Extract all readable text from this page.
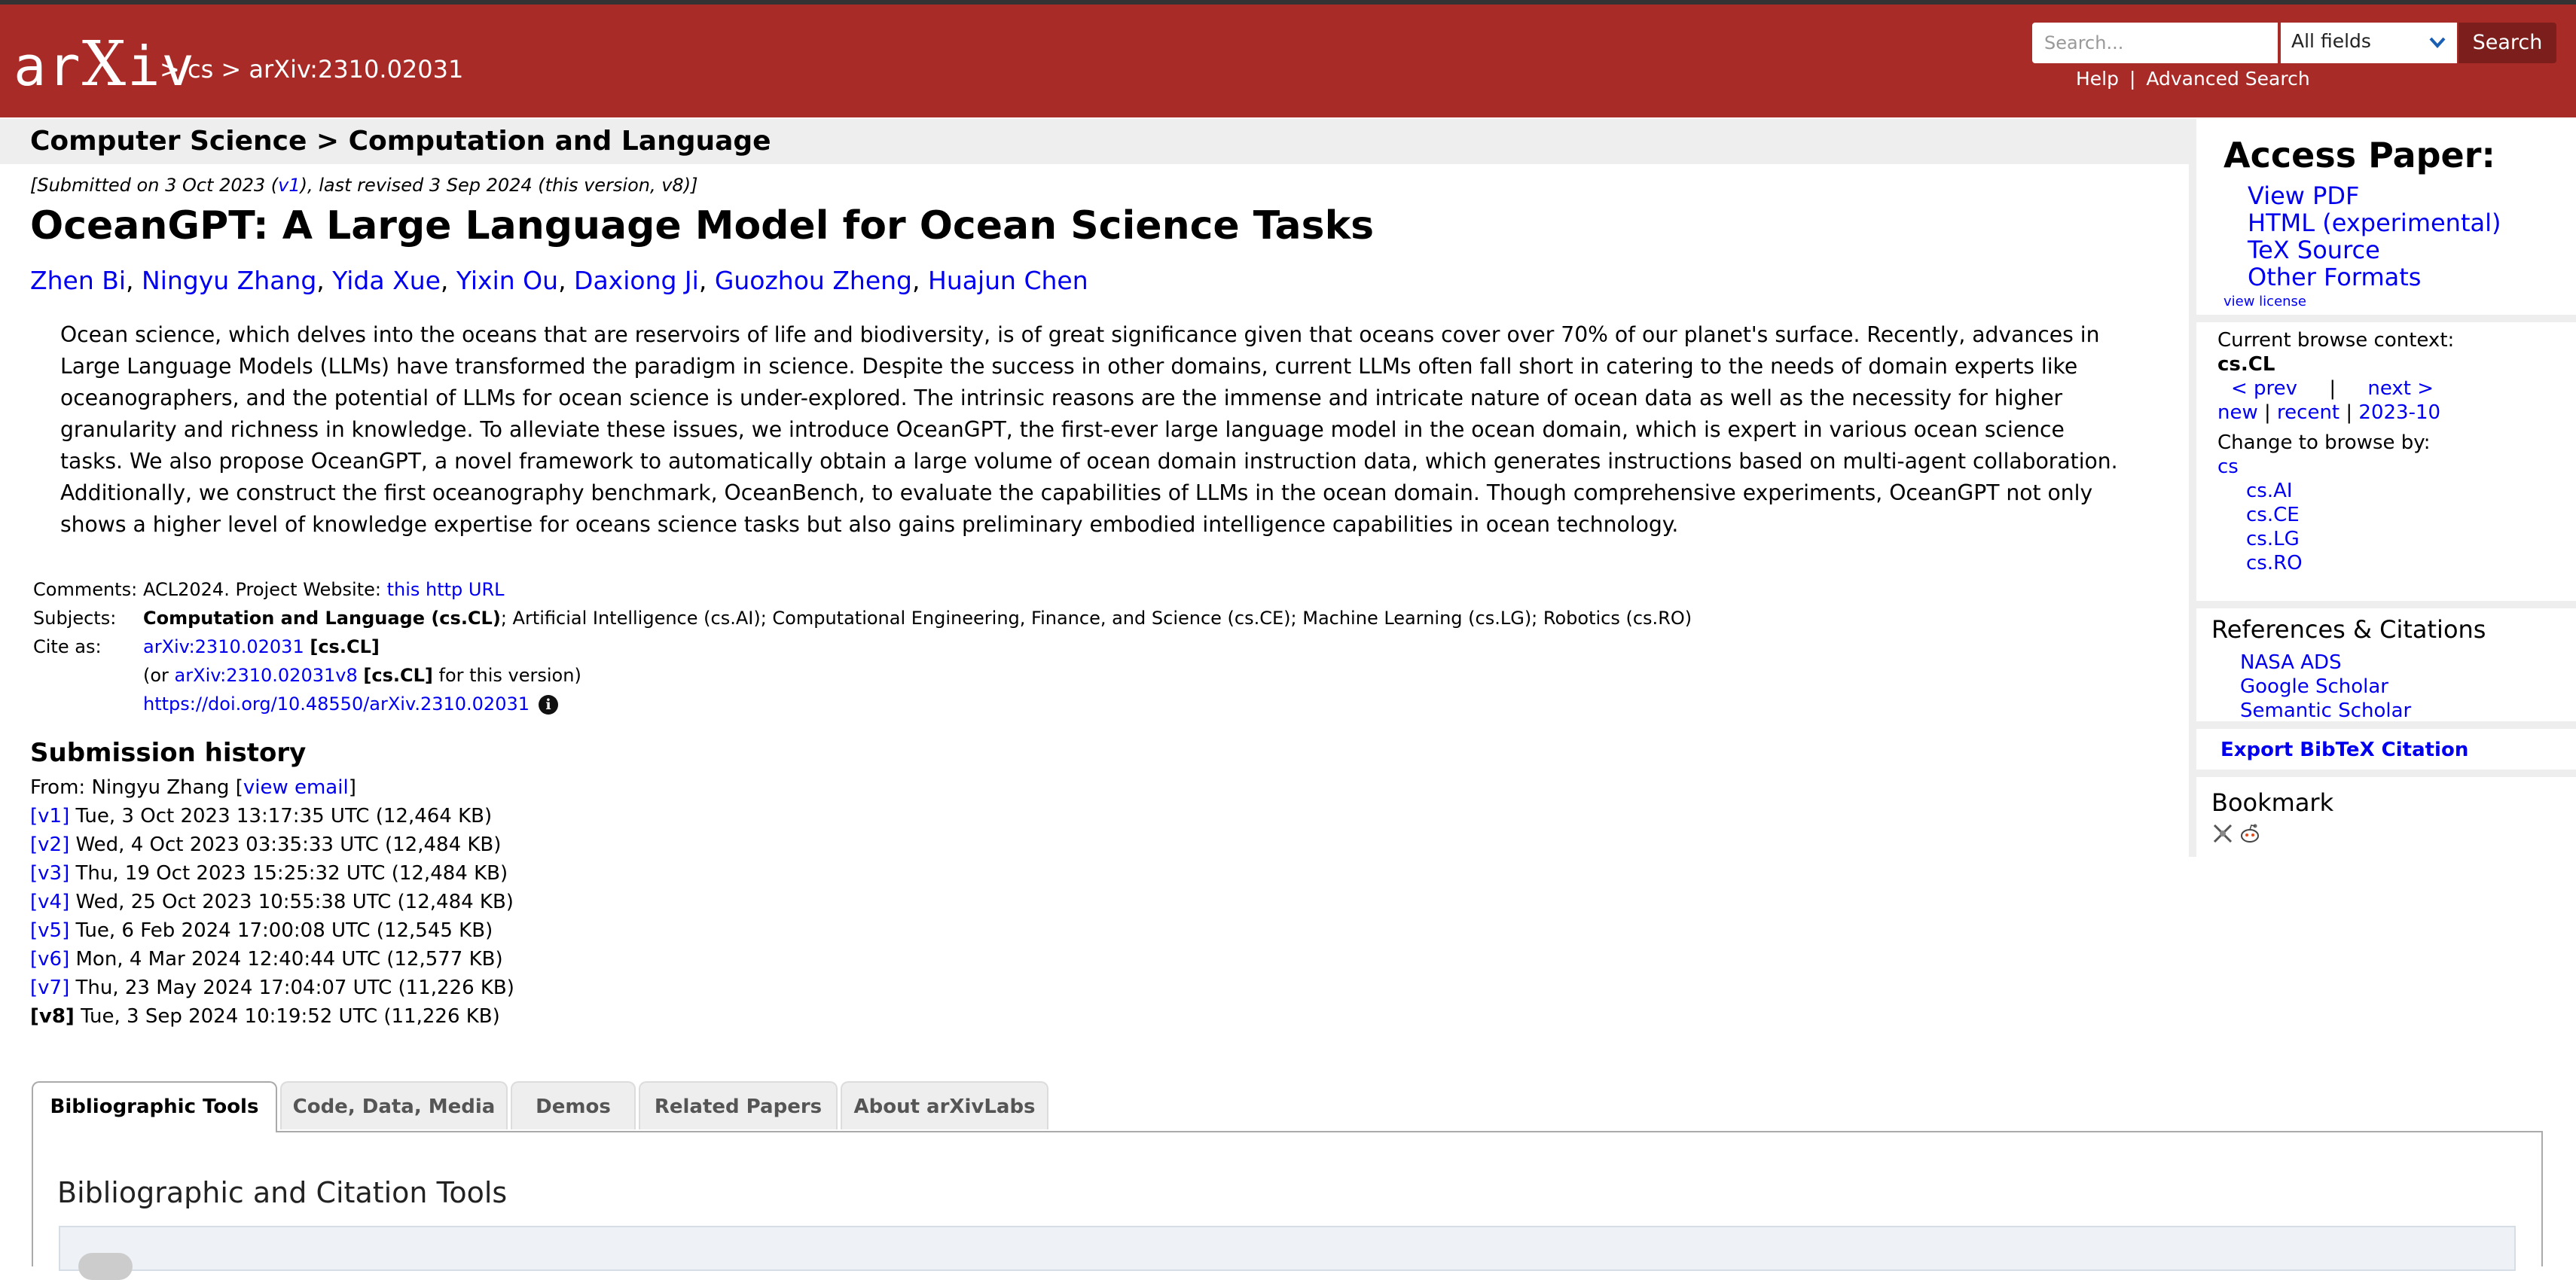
arXiv
> cs > arXiv:2310.02031
Search...
All fields	Search
Help | Advanced Search
Computer Science > Computation and Language
[Submitted on 3 Oct 2023 (v1), last revised 3 Sep 2024 (this version, v8)]
OceanGPT: A Large Language Model for Ocean Science Tasks
Zhen Bi, Ningyu Zhang, Yida Xue, Yixin Ou, Daxiong Ji, Guozhou Zheng, Huajun Chen

Ocean science, which delves into the oceans that are reservoirs of life and biodiversity, is of great significance given that oceans cover over 70% of our planet's surface. Recently, advances in Large Language Models (LLMs) have transformed the paradigm in science. Despite the success in other domains, current LLMs often fall short in catering to the needs of domain experts like oceanographers, and the potential of LLMs for ocean science is under-explored. The intrinsic reasons are the immense and intricate nature of ocean data as well as the necessity for higher granularity and richness in knowledge. To alleviate these issues, we introduce OceanGPT, the first-ever large language model in the ocean domain, which is expert in various ocean science tasks. We also propose OceanGPT, a novel framework to automatically obtain a large volume of ocean domain instruction data, which generates instructions based on multi-agent collaboration. Additionally, we construct the first oceanography benchmark, OceanBench, to evaluate the capabilities of LLMs in the ocean domain. Though comprehensive experiments, OceanGPT not only shows a higher level of knowledge expertise for oceans science tasks but also gains preliminary embodied intelligence capabilities in ocean technology.

Comments: ACL2024. Project Website: this http URL
Subjects:	Computation and Language (cs.CL); Artificial Intelligence (cs.AI); Computational Engineering, Finance, and Science (cs.CE); Machine Learning (cs.LG); Robotics (cs.RO)
Cite as:	arXiv:2310.02031 [cs.CL]
(or arXiv:2310.02031v8 [cs.CL] for this version)
https://doi.org/10.48550/arXiv.2310.02031 i
Submission history
From: Ningyu Zhang [view email]
[v1] Tue, 3 Oct 2023 13:17:35 UTC (12,464 KB)
[v2] Wed, 4 Oct 2023 03:35:33 UTC (12,484 KB)
[v3] Thu, 19 Oct 2023 15:25:32 UTC (12,484 KB)
[v4] Wed, 25 Oct 2023 10:55:38 UTC (12,484 KB)
[v5] Tue, 6 Feb 2024 17:00:08 UTC (12,545 KB)
[v6] Mon, 4 Mar 2024 12:40:44 UTC (12,577 KB)
[v7] Thu, 23 May 2024 17:04:07 UTC (11,226 KB)
[v8] Tue, 3 Sep 2024 10:19:52 UTC (11,226 KB)
Bibliographic Tools	Code, Data, Media	Demos	Related Papers	About arXivLabs
Bibliographic and Citation Tools
Access Paper:
View PDF
HTML (experimental)
TeX Source
Other Formats
view license
Current browse context:
cs.CL
< prev | next >
new | recent | 2023-10
Change to browse by:
cs
cs.AI
cs.CE
cs.LG
cs.RO
References & Citations
NASA ADS
Google Scholar
Semantic Scholar
Export BibTeX Citation
Bookmark
